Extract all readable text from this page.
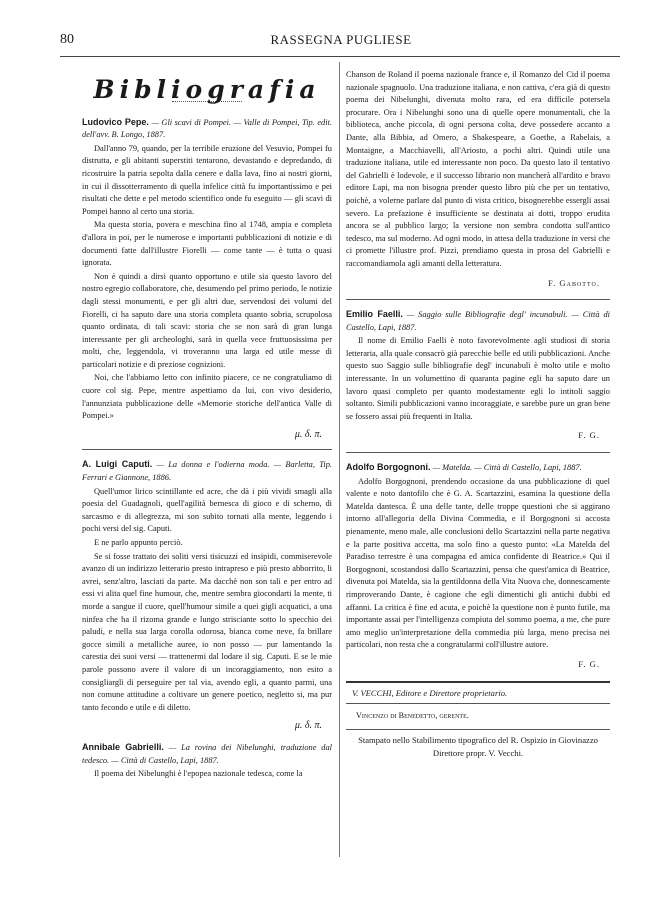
80	RASSEGNA PUGLIESE
Bibliografia

Ludovico Pepe. — Gli scavi di Pompei. — Valle di Pompei, Tip. edit. dell'avv. B. Longo, 1887.

Dall'anno 79, quando, per la terribile eruzione del Vesuvio, Pompei fu distrutta, e gli abitanti superstiti tentarono, devastando e depredando, di ricostruire la patria sepolta dalla cenere e dalla lava, fino ai nostri giorni, in cui il dissotterramento di quella infelice città fu importantissimo e pei risultati che dette e pel metodo scientifico onde fu eseguito — gli scavi di Pompei hanno al certo una storia.

Ma questa storia, povera e meschina fino al 1748, ampia e completa d'allora in poi, per le numerose e importanti pubblicazioni di notizie e di documenti fatte dall'illustre Fiorelli — come tante — è tutta o quasi ignorata.

Non è quindi a dirsi quanto opportuno e utile sia questo lavoro del nostro egregio collaboratore, che, desumendo pel primo periodo, le notizie dagli stessi monumenti, e per gli altri due, servendosi dei volumi del Fiorelli, ci ha saputo dare una storia completa quanto sobria, scrupolosa quanto ordinata, di tali scavi: storia che se non sarà di gran lunga interessante per gli archeologhi, sarà in quella vece fruttuosissima per molti, che, leggendola, vi troveranno una larga ed utile messe di particolari notizie e di preziose cognizioni.

Noi, che l'abbiamo letto con infinito piacere, ce ne congratuliamo di cuore col sig. Pepe, mentre aspettiamo da lui, con vivo desiderio, l'annunziata pubblicazione delle «Memorie storiche dell'antica Valle di Pompei.»

μ. δ. π.

A. Luigi Caputi. — La donna e l'odierna moda. — Barletta, Tip. Ferrari e Giannone, 1886.

Quell'umor lirico scintillante ed acre, che dà i più vividi smagli alla poesia del Guadagnoli, quell'agilità bernesca di gioco e di scherno, di sarcasmo e di allegrezza, mi son subito tornati alla mente, leggendo i pochi versi del sig. Caputi.

E ne parlo appunto perciò.

Se si fosse trattato dei soliti versi tisicuzzi ed insipidi, commiserevole avanzo di un indirizzo letterario presto intrapreso e più presto abborrito, li avrei, senz'altro, lasciati da parte. Ma dacchè non son tali e per entro ad essi vi alita quel fine humour, che, mentre sembra giocondarti la mente, ti morde a sangue il cuore, quell'humour simile a quei gigli acquatici, a una ninfea che ha il rizoma grande e lungo strisciante sotto lo specchio dei paludi, e nella sua larga corolla odorosa, bianca come neve, fa brillare gocce simili a metalliche auree, io non posso — pur lamentando la carestia dei suoi versi — trattenermi dal lodare il sig. Caputi. E se le mie parole possono avere il valore di un incoraggiamento, non esito a consigliargli di perseguire per tal via, avendo egli, a quanto parmi, una non comune attitudine a coltivare un genere poetico, negletto si, ma pur tanto fecondo e utile e di diletto.

μ. δ. π.

Annibale Gabrielli. — La rovina dei Nibelunghi, traduzione dal tedesco. — Città di Castello, Lapi, 1887.

Il poema dei Nibelunghi è l'epopea nazionale tedesca, come la

Chanson de Roland il poema nazionale france e, il Romanzo del Cid il poema nazionale spagnuolo. Una traduzione italiana, e non cattiva, c'era già di questo poema dei Nibelunghi, divenuta molto rara, ed era difficile potersela procurare. Ora i Nibelunghi sono una di quelle opere monumentali, che la biblioteca, anche piccola, di ogni persona colta, deve possedere accanto a Dante, alla Bibbia, ad Omero, a Shakespeare, a Goethe, a Rabelais, a Montaigne, a Macchiavelli, all'Ariosto, a pochi altri. Quindi utile una traduzione italiana, utile ed interessante non poco. Da questo lato il tentativo del Gabrielli è lodevole, e il successo librario non mancherà all'ardito e bravo editore Lapi, ma non bisogna prender questo libro più che per un tentativo, poichè, a volerne parlare dal punto di vista critico, bisognerebbe essergli assai severo. La prefazione è insufficiente se destinata ai dotti, troppo erudita ancora se al pubblico largo; la versione non sembra condotta sull'antico tedesco, ma sul moderno. Ad ogni modo, in attesa della traduzione in versi che ci promette l'illustre prof. Pizzi, prendiamo questa in prosa del Gabrielli e raccomandiamola agli amanti della letteratura.

F. Gabotto.

Emilio Faelli. — Saggio sulle Bibliografie degl' incunabuli. — Città di Castello, Lapi, 1887.

Il nome di Emilio Faelli è noto favorevolmente agli studiosi di storia letteraria, alla quale consacrò già parecchie belle ed utili pubblicazioni. Anche questo suo Saggio sulle bibliografie degl' incunabuli è molto utile e molto interessante. In un volumettino di quaranta pagine egli ha saputo dare un lavoro quasi completo per quanto modestamente egli lo intitoli saggio soltanto. Simili pubblicazioni vanno incoraggiate, e sarebbe pure un gran bene se fossero assai più frequenti in Italia.

F. G.

Adolfo Borgognoni. — Matelda. — Città di Castello, Lapi, 1887.

Adolfo Borgognoni, prendendo occasione da una pubblicazione di quel valente e noto dantofilo che è G. A. Scartazzini, esamina la questione della Matelda dantesca. È una delle tante, delle troppe questioni che si aggirano intorno all'allegoria della Divina Commedia, e il Borgognoni si accosta pienamente, meno male, alle conclusioni dello Scartazzini nella parte negativa e la parte positiva accetta, ma solo fino a questo punto: «La Matelda del Paradiso terrestre è una compagna ed amica confidente di Beatrice.» Qui il Borgognoni, scostandosi dallo Scartazzini, pensa che quest'amica di Beatrice, divenuta poi Matelda, sia la gentildonna della Vita Nuova che, donnescamente rimproverando Dante, è cagione che egli dimentichi gli antichi dubbi ed affanni. La critica è fine ed acuta, e poichè la questione non è punto futile, ma importante assai per l'intelligenza compiuta del sommo poema, a me, che pure amo meglio un'interpretazione della commedia più larga, meno precisa nei particolari, non resta che a congratularmi coll'illustre autore.

F. G.
V. VECCHI, Editore e Direttore proprietario.
Vincenzo di Benedetto, gerente.
Stampato nello Stabilimento tipografico del R. Ospizio in Giovinazzo
Direttore propr. V. Vecchi.
